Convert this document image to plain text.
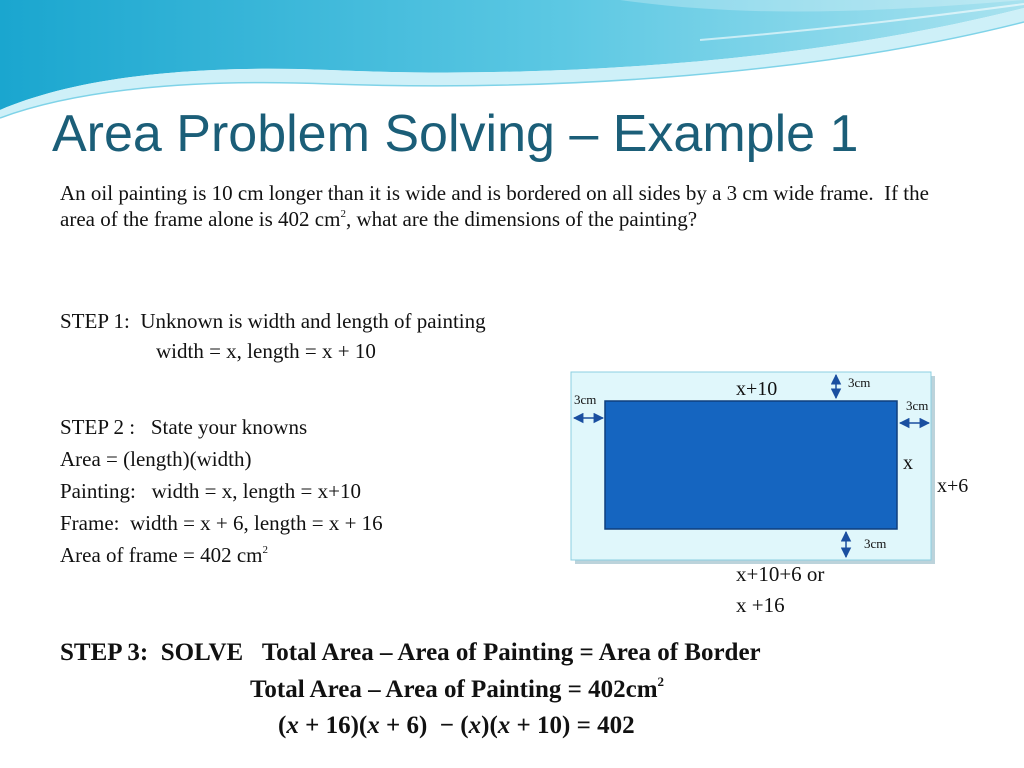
Area Problem Solving – Example 1
An oil painting is 10 cm longer than it is wide and is bordered on all sides by a 3 cm wide frame.  If the area of the frame alone is 402 $cm^2$, what are the dimensions of the painting?
STEP 1:  Unknown is width and length of painting
width = x, length = x + 10
STEP 2 :   State your knowns
Area = (length)(width)
Painting:   width = x, length = x+10
Frame:  width = x + 6, length = x + 16
Area of frame = 402 $cm^2$
x+10	3cm
3cm	3cm
x
x+6
3cm
x+10+6 or
x +16
STEP 3:  SOLVE   Total Area – Area of Painting = Area of Border
Total Area – Area of Painting = $402cm^2$
(x + 16)(x + 6)  − (x)(x + 10) = 402
